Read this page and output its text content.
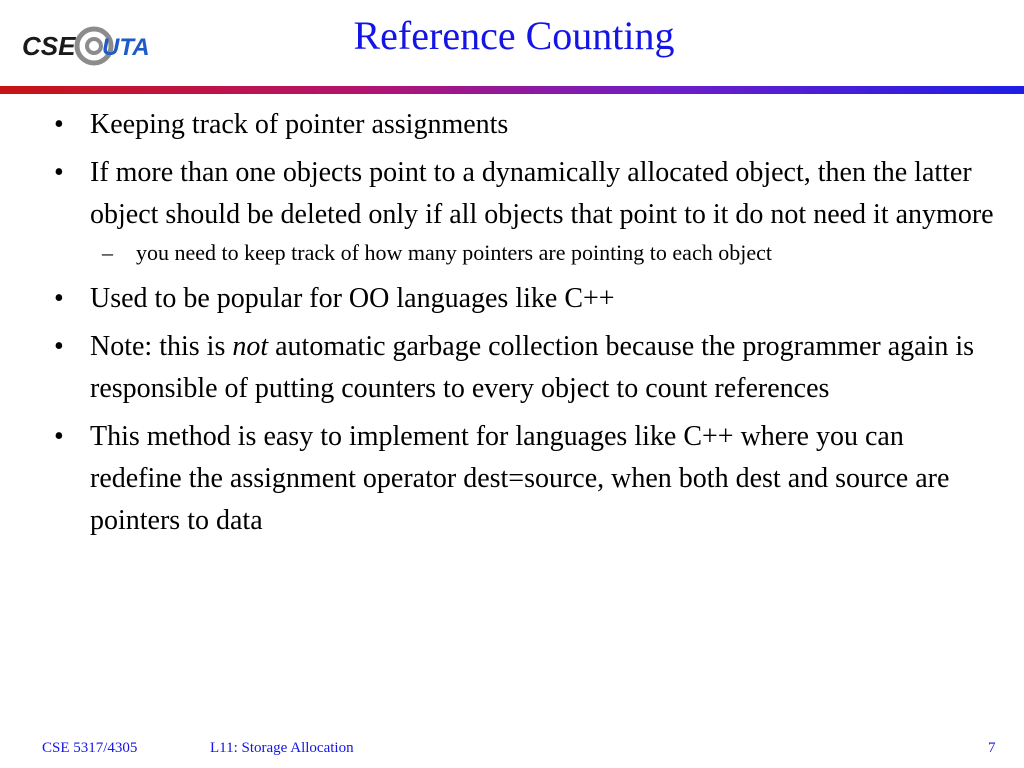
CSE UTA	Reference Counting
• Keeping track of pointer assignments
• If more than one objects point to a dynamically allocated object, then the latter object should be deleted only if all objects that point to it do not need it anymore
– you need to keep track of how many pointers are pointing to each object
• Used to be popular for OO languages like C++
• Note: this is not automatic garbage collection because the programmer again is responsible of putting counters to every object to count references
• This method is easy to implement for languages like C++ where you can redefine the assignment operator dest=source, when both dest and source are pointers to data
CSE 5317/4305	L11: Storage Allocation	7
